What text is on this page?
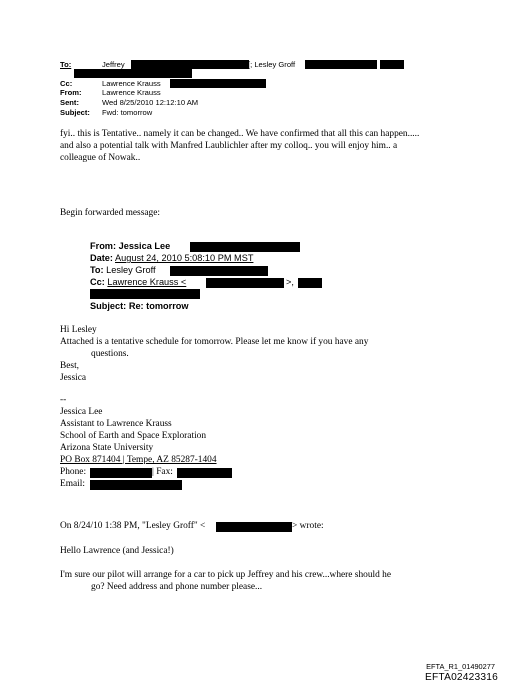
To:	Jeffrey	[; Lesley Groff
Cc:	Lawrence Krauss
From:	Lawrence Krauss
Sent:	Wed 8/25/2010 12:12:10 AM
Subject: Fwd: tomorrow
fyi.. this is Tentative.. namely it can be changed.. We have confirmed that all this can happen.....
and also a potential talk with Manfred Laublichler after my colloq.. you will enjoy him.. a
colleague of Nowak..
Begin forwarded message:
From: Jessica Lee
Date: August 24, 2010 5:08:10 PM MST
To: Lesley Groff
Cc: Lawrence Krauss <	>,
Subject: Re: tomorrow
Hi Lesley
Attached is a tentative schedule for tomorrow. Please let me know if you have any
questions.
Best,
Jessica
--
Jessica Lee
Assistant to Lawrence Krauss
School of Earth and Space Exploration
Arizona State University
PO Box 871404 | Tempe, AZ 85287-1404
Phone:	| Fax:
Email:
On 8/24/10 1:38 PM, "Lesley Groff" <	> wrote:
Hello Lawrence (and Jessica!)
I'm sure our pilot will arrange for a car to pick up Jeffrey and his crew...where should he
go? Need address and phone number please...
EFTA_R1_01490277
EFTA02423316
